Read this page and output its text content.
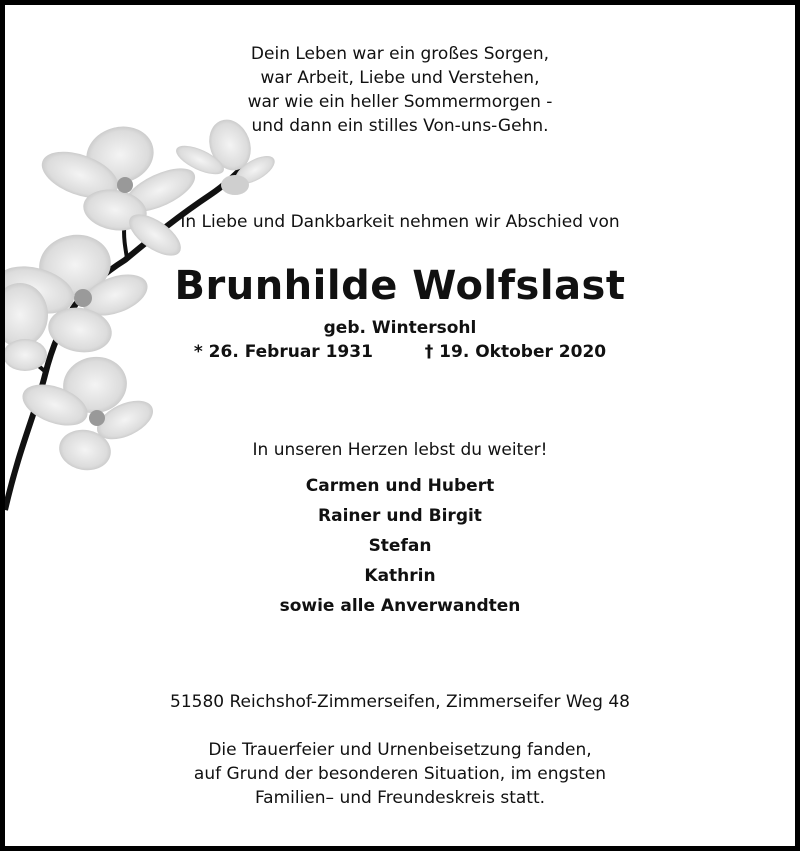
Dein Leben war ein großes Sorgen,
war Arbeit, Liebe und Verstehen,
war wie ein heller Sommermorgen -
und dann ein stilles Von-uns-Gehn.
In Liebe und Dankbarkeit nehmen wir Abschied von
Brunhilde Wolfslast
geb. Wintersohl
* 26. Februar 1931	† 19. Oktober 2020
In unseren Herzen lebst du weiter!
Carmen und Hubert
Rainer und Birgit
Stefan
Kathrin
sowie alle Anverwandten
51580 Reichshof-Zimmerseifen, Zimmerseifer Weg 48
Die Trauerfeier und Urnenbeisetzung fanden,
auf Grund der besonderen Situation, im engsten
Familien– und Freundeskreis statt.
